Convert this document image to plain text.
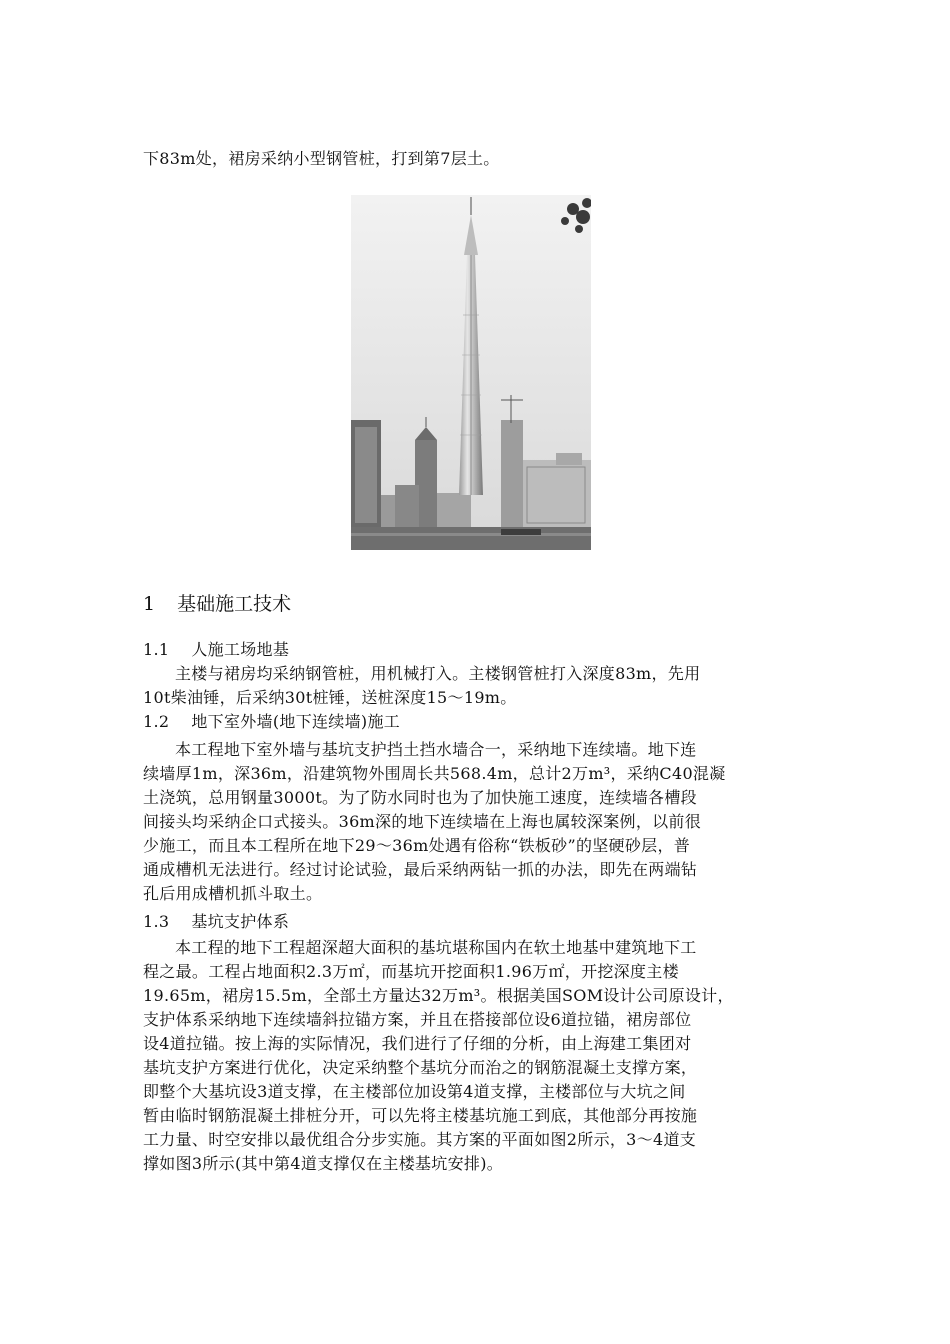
下83m处，裙房采纳小型钢管桩，打到第7层土。
1 基础施工技术
1.1 人施工场地基
主楼与裙房均采纳钢管桩，用机械打入。主楼钢管桩打入深度83m，先用
10t柴油锤，后采纳30t桩锤，送桩深度15～19m。
1.2 地下室外墙(地下连续墙)施工
本工程地下室外墙与基坑支护挡土挡水墙合一，采纳地下连续墙。地下连
续墙厚1m，深36m，沿建筑物外围周长共568.4m，总计2万m³，采纳C40混凝
土浇筑，总用钢量3000t。为了防水同时也为了加快施工速度，连续墙各槽段
间接头均采纳企口式接头。36m深的地下连续墙在上海也属较深案例，以前很
少施工，而且本工程所在地下29～36m处遇有俗称“铁板砂”的坚硬砂层，普
通成槽机无法进行。经过讨论试验，最后采纳两钻一抓的办法，即先在两端钻
孔后用成槽机抓斗取土。
1.3 基坑支护体系
本工程的地下工程超深超大面积的基坑堪称国内在软土地基中建筑地下工
程之最。工程占地面积2.3万㎡，而基坑开挖面积1.96万㎡，开挖深度主楼
19.65m，裙房15.5m，全部土方量达32万m³。根据美国SOM设计公司原设计，
支护体系采纳地下连续墙斜拉锚方案，并且在搭接部位设6道拉锚，裙房部位
设4道拉锚。按上海的实际情况，我们进行了仔细的分析，由上海建工集团对
基坑支护方案进行优化，决定采纳整个基坑分而治之的钢筋混凝土支撑方案，
即整个大基坑设3道支撑，在主楼部位加设第4道支撑，主楼部位与大坑之间
暂由临时钢筋混凝土排桩分开，可以先将主楼基坑施工到底，其他部分再按施
工力量、时空安排以最优组合分步实施。其方案的平面如图2所示，3～4道支
撑如图3所示(其中第4道支撑仅在主楼基坑安排)。
